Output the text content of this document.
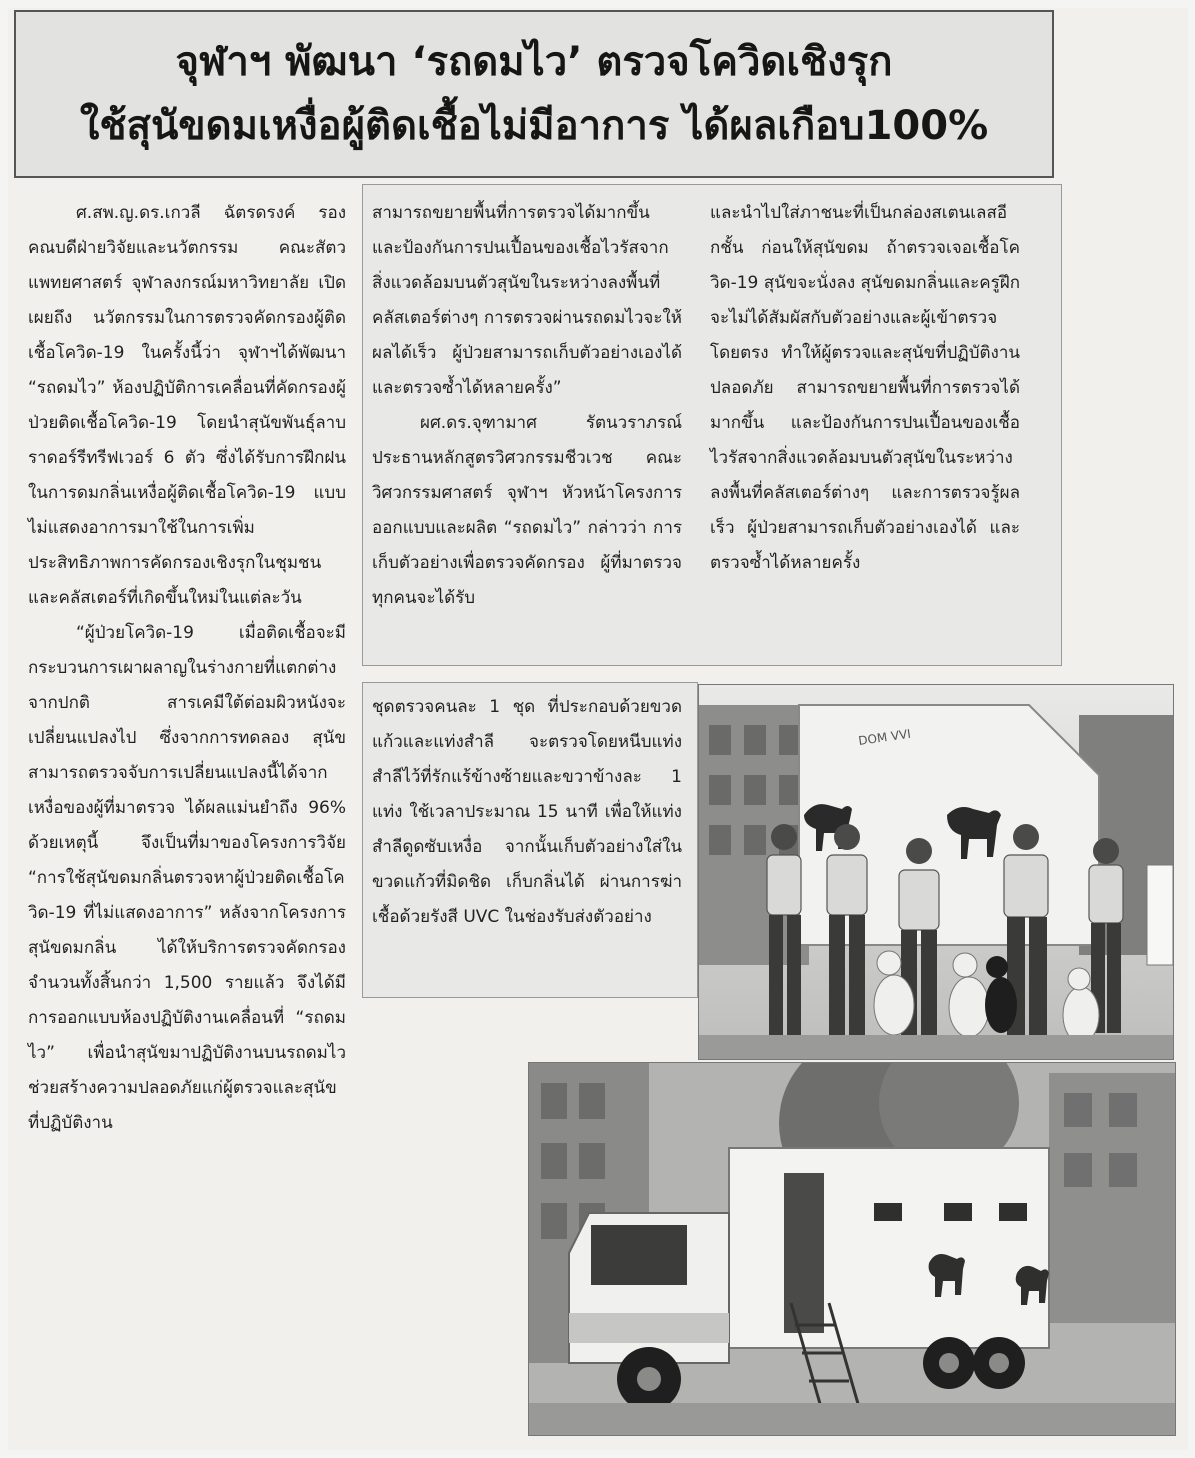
จุฬาฯ พัฒนา ‘รถดมไว’ ตรวจโควิดเชิงรุก
ใช้สุนัขดมเหงื่อผู้ติดเชื้อไม่มีอาการ ได้ผลเกือบ100%

ศ.สพ.ญ.ดร.เกวลี ฉัตรดรงค์ รองคณบดีฝ่ายวิจัยและนวัตกรรม คณะสัตวแพทยศาสตร์ จุฬาลงกรณ์มหาวิทยาลัย เปิดเผยถึง นวัตกรรมในการตรวจคัดกรองผู้ติดเชื้อโควิด-19 ในครั้งนี้ว่า จุฬาฯได้พัฒนา “รถดมไว” ห้องปฏิบัติการเคลื่อนที่คัดกรองผู้ป่วยติดเชื้อโควิด-19 โดยนำสุนัขพันธุ์ลาบราดอร์รีทรีฟเวอร์ 6 ตัว ซึ่งได้รับการฝึกฝนในการดมกลิ่นเหงื่อผู้ติดเชื้อโควิด-19 แบบไม่แสดงอาการมาใช้ในการเพิ่มประสิทธิภาพการคัดกรองเชิงรุกในชุมชนและคลัสเตอร์ที่เกิดขึ้นใหม่ในแต่ละวัน

“ผู้ป่วยโควิด-19 เมื่อติดเชื้อจะมีกระบวนการเผาผลาญในร่างกายที่แตกต่างจากปกติ สารเคมีใต้ต่อมผิวหนังจะเปลี่ยนแปลงไป ซึ่งจากการทดลอง สุนัขสามารถตรวจจับการเปลี่ยนแปลงนี้ได้จากเหงื่อของผู้ที่มาตรวจ ได้ผลแม่นยำถึง 96% ด้วยเหตุนี้ จึงเป็นที่มาของโครงการวิจัย “การใช้สุนัขดมกลิ่นตรวจหาผู้ป่วยติดเชื้อโควิด-19 ที่ไม่แสดงอาการ” หลังจากโครงการสุนัขดมกลิ่น ได้ให้บริการตรวจคัดกรองจำนวนทั้งสิ้นกว่า 1,500 รายแล้ว จึงได้มีการออกแบบห้องปฏิบัติงานเคลื่อนที่ “รถดมไว” เพื่อนำสุนัขมาปฏิบัติงานบนรถดมไว ช่วยสร้างความปลอดภัยแก่ผู้ตรวจและสุนัขที่ปฏิบัติงาน

สามารถขยายพื้นที่การตรวจได้มากขึ้น และป้องกันการปนเปื้อนของเชื้อไวรัสจากสิ่งแวดล้อมบนตัวสุนัขในระหว่างลงพื้นที่คลัสเตอร์ต่างๆ การตรวจผ่านรถดมไวจะให้ผลได้เร็ว ผู้ป่วยสามารถเก็บตัวอย่างเองได้ และตรวจซ้ำได้หลายครั้ง”

ผศ.ดร.จุฑามาศ รัตนวราภรณ์ ประธานหลักสูตรวิศวกรรมชีวเวช คณะวิศวกรรมศาสตร์ จุฬาฯ หัวหน้าโครงการออกแบบและผลิต “รถดมไว” กล่าวว่า การเก็บตัวอย่างเพื่อตรวจคัดกรอง ผู้ที่มาตรวจทุกคนจะได้รับ

และนำไปใส่ภาชนะที่เป็นกล่องสเตนเลสอีกชั้น ก่อนให้สุนัขดม ถ้าตรวจเจอเชื้อโควิด-19 สุนัขจะนั่งลง สุนัขดมกลิ่นและครูฝึกจะไม่ได้สัมผัสกับตัวอย่างและผู้เข้าตรวจโดยตรง ทำให้ผู้ตรวจและสุนัขที่ปฏิบัติงานปลอดภัย สามารถขยายพื้นที่การตรวจได้มากขึ้น และป้องกันการปนเปื้อนของเชื้อไวรัสจากสิ่งแวดล้อมบนตัวสุนัขในระหว่างลงพื้นที่คลัสเตอร์ต่างๆ และการตรวจรู้ผลเร็ว ผู้ป่วยสามารถเก็บตัวอย่างเองได้ และตรวจซ้ำได้หลายครั้ง

ชุดตรวจคนละ 1 ชุด ที่ประกอบด้วยขวดแก้วและแท่งสำลี จะตรวจโดยหนีบแท่งสำลีไว้ที่รักแร้ข้างซ้ายและขวาข้างละ 1 แท่ง ใช้เวลาประมาณ 15 นาที เพื่อให้แท่งสำลีดูดซับเหงื่อ จากนั้นเก็บตัวอย่างใส่ในขวดแก้วที่มิดชิด เก็บกลิ่นได้ ผ่านการฆ่าเชื้อด้วยรังสี UVC ในช่องรับส่งตัวอย่าง

DOM VVI
